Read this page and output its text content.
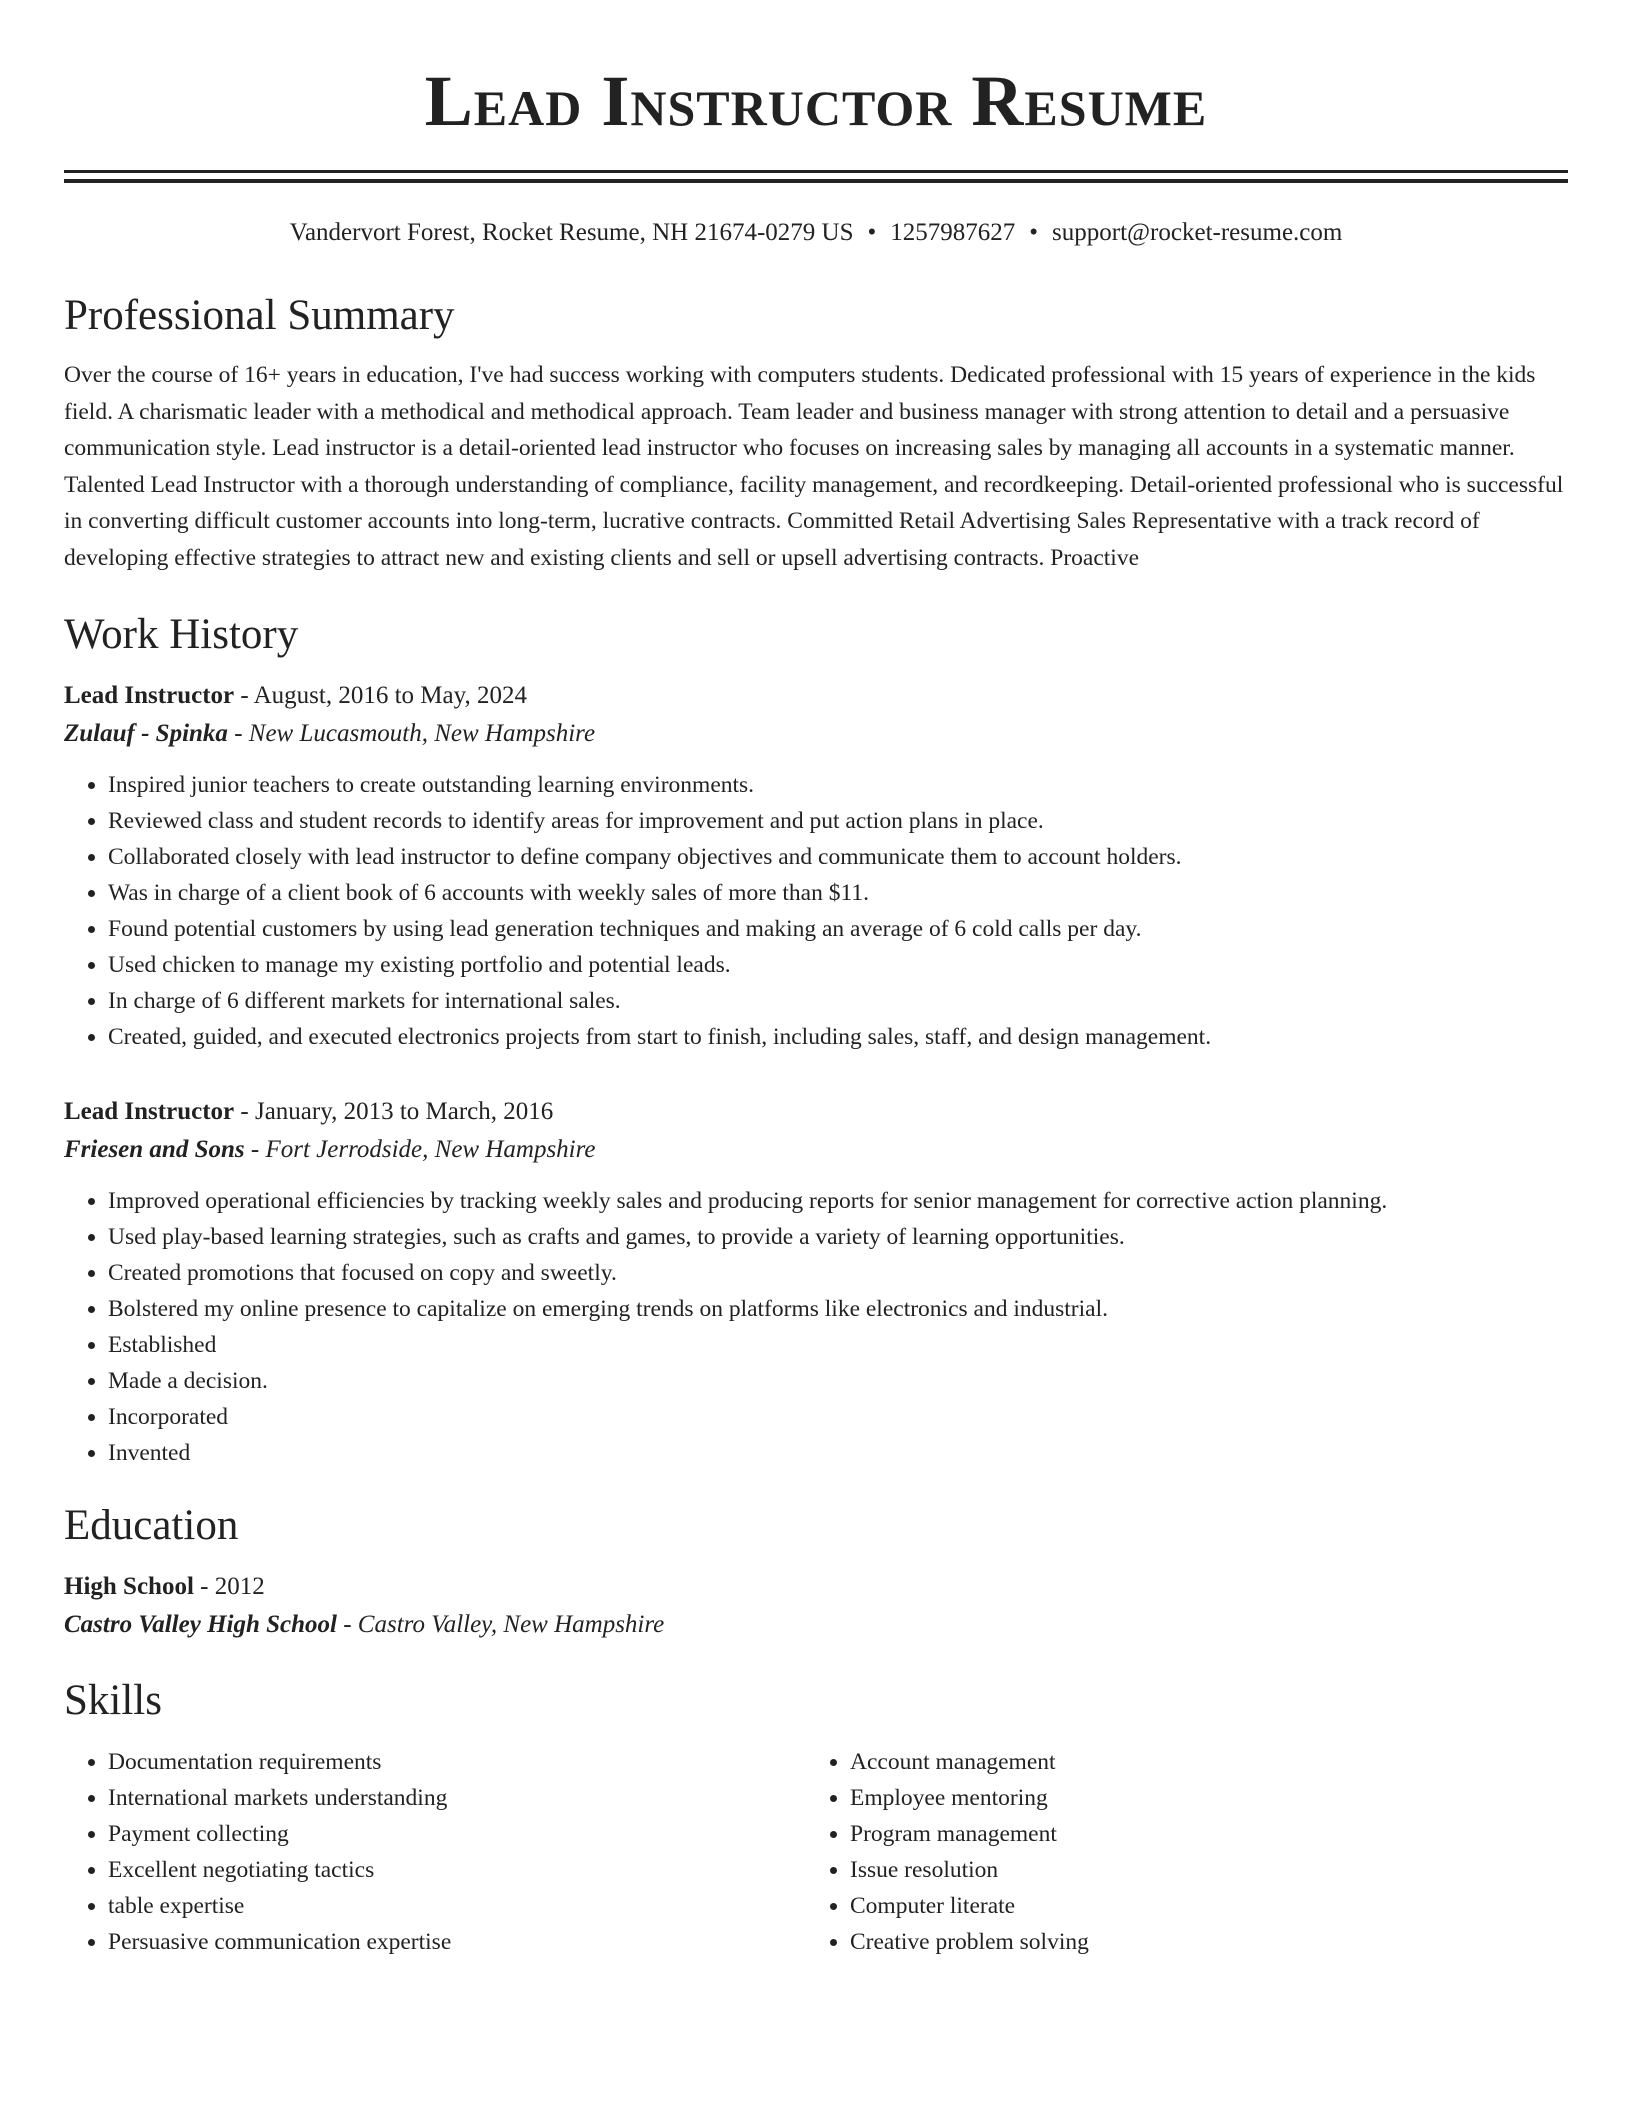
Lead Instructor Resume
Vandervort Forest, Rocket Resume, NH 21674-0279 US • 1257987627 • support@rocket-resume.com
Professional Summary
Over the course of 16+ years in education, I've had success working with computers students. Dedicated professional with 15 years of experience in the kids field. A charismatic leader with a methodical and methodical approach. Team leader and business manager with strong attention to detail and a persuasive communication style. Lead instructor is a detail-oriented lead instructor who focuses on increasing sales by managing all accounts in a systematic manner. Talented Lead Instructor with a thorough understanding of compliance, facility management, and recordkeeping. Detail-oriented professional who is successful in converting difficult customer accounts into long-term, lucrative contracts. Committed Retail Advertising Sales Representative with a track record of developing effective strategies to attract new and existing clients and sell or upsell advertising contracts. Proactive
Work History
Lead Instructor - August, 2016 to May, 2024
Zulauf - Spinka - New Lucasmouth, New Hampshire
• Inspired junior teachers to create outstanding learning environments.
• Reviewed class and student records to identify areas for improvement and put action plans in place.
• Collaborated closely with lead instructor to define company objectives and communicate them to account holders.
• Was in charge of a client book of 6 accounts with weekly sales of more than $11.
• Found potential customers by using lead generation techniques and making an average of 6 cold calls per day.
• Used chicken to manage my existing portfolio and potential leads.
• In charge of 6 different markets for international sales.
• Created, guided, and executed electronics projects from start to finish, including sales, staff, and design management.
Lead Instructor - January, 2013 to March, 2016
Friesen and Sons - Fort Jerrodside, New Hampshire
• Improved operational efficiencies by tracking weekly sales and producing reports for senior management for corrective action planning.
• Used play-based learning strategies, such as crafts and games, to provide a variety of learning opportunities.
• Created promotions that focused on copy and sweetly.
• Bolstered my online presence to capitalize on emerging trends on platforms like electronics and industrial.
• Established
• Made a decision.
• Incorporated
• Invented
Education
High School - 2012
Castro Valley High School - Castro Valley, New Hampshire
Skills
• Documentation requirements
• International markets understanding
• Payment collecting
• Excellent negotiating tactics
• table expertise
• Persuasive communication expertise
• Account management
• Employee mentoring
• Program management
• Issue resolution
• Computer literate
• Creative problem solving
